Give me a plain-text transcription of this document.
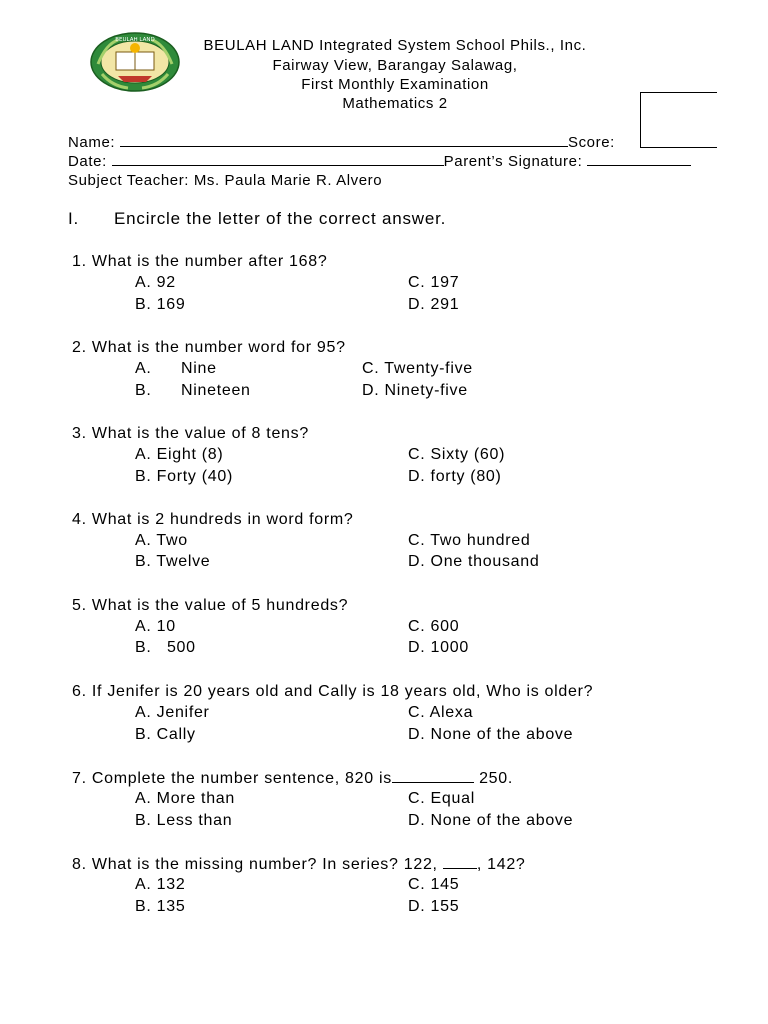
BEULAH LAND	BEULAH LAND Integrated System School Phils., Inc.
Fairway View, Barangay Salawag,
First Monthly Examination
Mathematics 2
Name:	Score:
Date:	Parent’s Signature:
Subject Teacher: Ms. Paula Marie R. Alvero
I. Encircle the letter of the correct answer.
1. What is the number after 168?
A. 92
B. 169
C. 197
D. 291
2. What is the number word for 95?
A. Nine
B. Nineteen
C. Twenty-five
D. Ninety-five
3. What is the value of 8 tens?
A. Eight (8)
B. Forty (40)
C. Sixty (60)
D. forty (80)
4. What is 2 hundreds in word form?
A. Two
B. Twelve
C. Two hundred
D. One thousand
5. What is the value of 5 hundreds?
A. 10
B.   500
C. 600
D. 1000
6. If Jenifer is 20 years old and Cally is 18 years old, Who is older?
A. Jenifer
B. Cally
C. Alexa
D. None of the above
7. Complete the number sentence, 820 is	250.
A. More than
B. Less than
C. Equal
D. None of the above
8. What is the missing number? In series? 122, , 142?
A. 132
B. 135
C. 145
D. 155
